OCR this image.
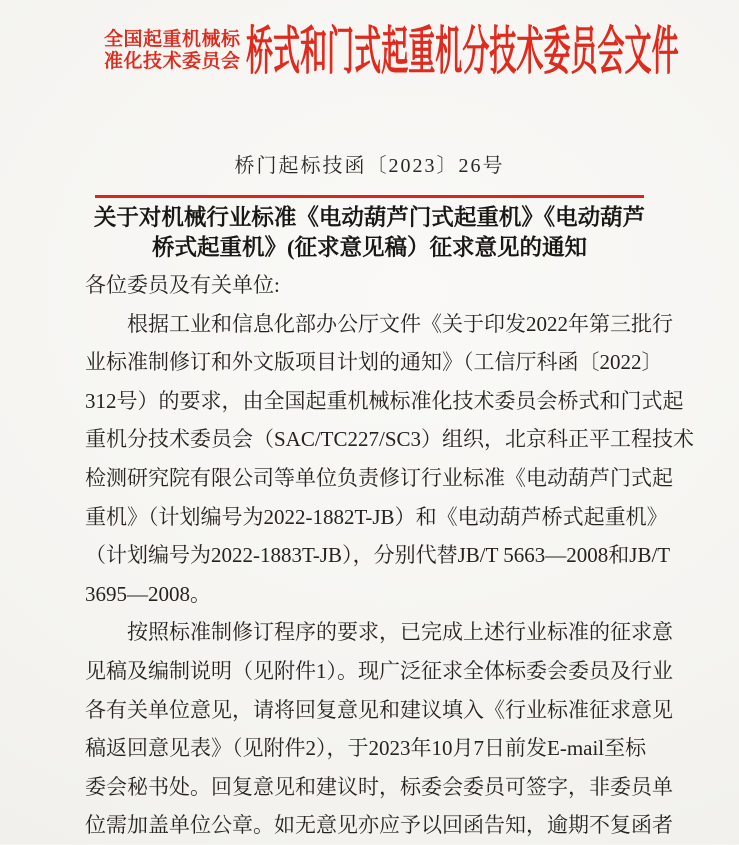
全国起重机械标
准化技术委员会 桥式和门式起重机分技术委员会文件
桥门起标技函〔2023〕26号
关于对机械行业标准《电动葫芦门式起重机》《电动葫芦
桥式起重机》(征求意见稿）征求意见的通知
各位委员及有关单位:
根据工业和信息化部办公厅文件《关于印发2022年第三批行
业标准制修订和外文版项目计划的通知》（工信厅科函〔2022〕
312号）的要求，由全国起重机械标准化技术委员会桥式和门式起
重机分技术委员会（SAC/TC227/SC3）组织，北京科正平工程技术
检测研究院有限公司等单位负责修订行业标准《电动葫芦门式起
重机》（计划编号为2022-1882T-JB）和《电动葫芦桥式起重机》
（计划编号为2022-1883T-JB），分别代替JB/T 5663—2008和JB/T
3695—2008。
按照标准制修订程序的要求，已完成上述行业标准的征求意
见稿及编制说明（见附件1）。现广泛征求全体标委会委员及行业
各有关单位意见，请将回复意见和建议填入《行业标准征求意见
稿返回意见表》（见附件2），于2023年10月7日前发E-mail至标
委会秘书处。回复意见和建议时，标委会委员可签字，非委员单
位需加盖单位公章。如无意见亦应予以回函告知，逾期不复函者
